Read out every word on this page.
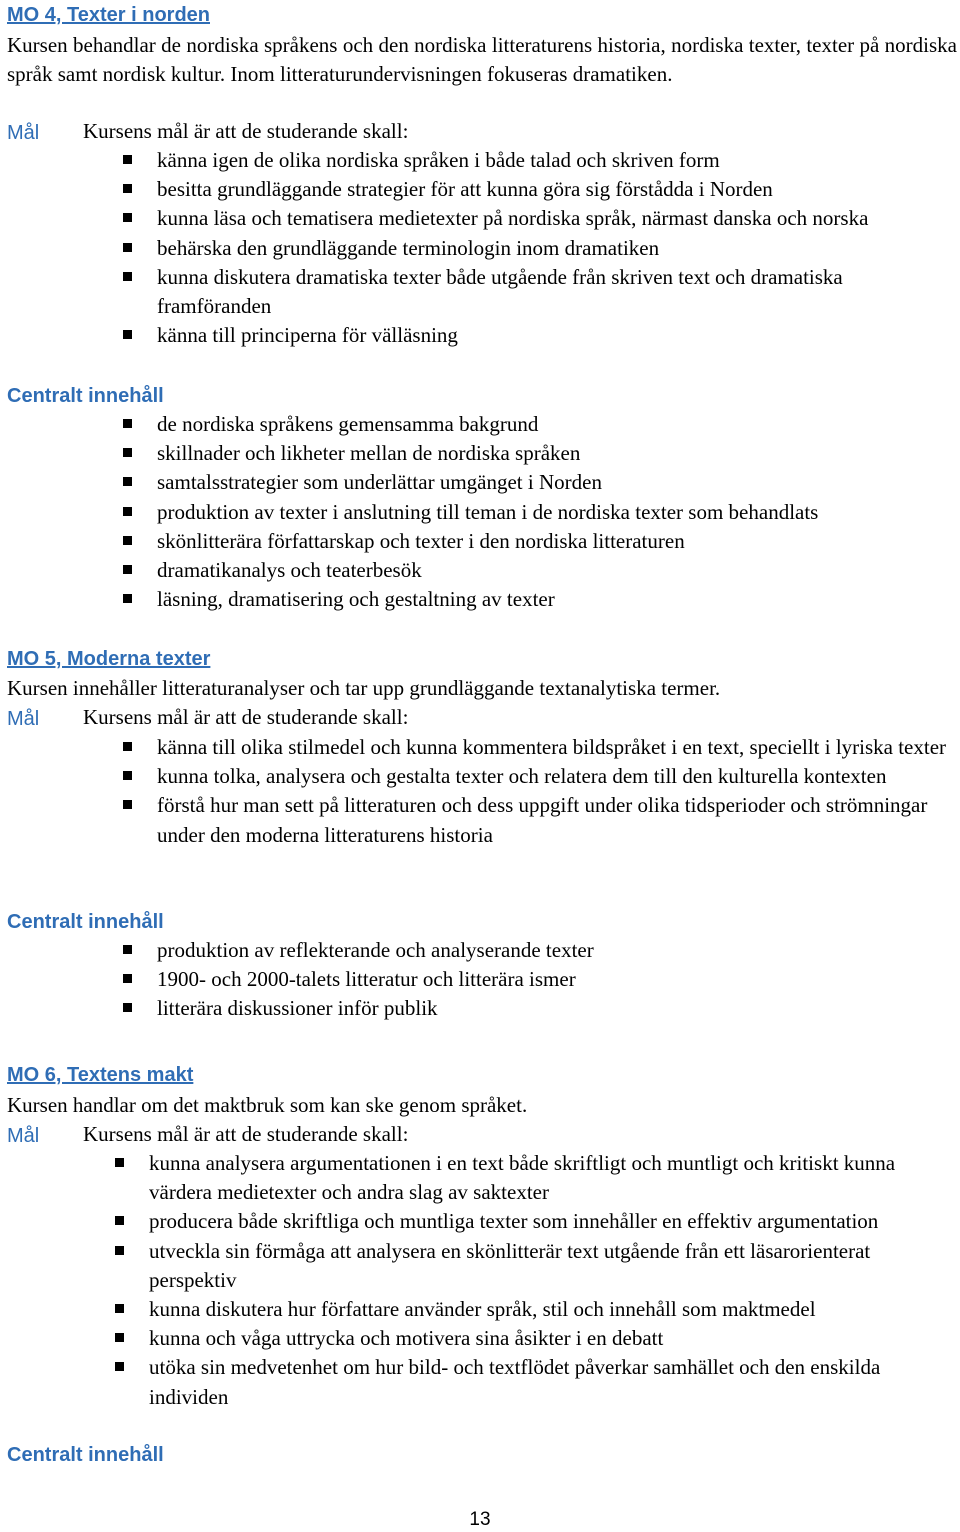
MO 4, Texter i norden
Kursen behandlar de nordiska språkens och den nordiska litteraturens historia, nordiska texter, texter på nordiska språk samt nordisk kultur. Inom litteraturundervisningen fokuseras dramatiken.
Mål Kursens mål är att de studerande skall:
känna igen de olika nordiska språken i både talad och skriven form
besitta grundläggande strategier för att kunna göra sig förstådda i Norden
kunna läsa och tematisera medietexter på nordiska språk, närmast danska och norska
behärska den grundläggande terminologin inom dramatiken
kunna diskutera dramatiska texter både utgående från skriven text och dramatiska framföranden
känna till principerna för välläsning
Centralt innehåll
de nordiska språkens gemensamma bakgrund
skillnader och likheter mellan de nordiska språken
samtalsstrategier som underlättar umgänget i Norden
produktion av texter i anslutning till teman i de nordiska texter som behandlats
skönlitterära författarskap och texter i den nordiska litteraturen
dramatikanalys och teaterbesök
läsning, dramatisering och gestaltning av texter
MO 5, Moderna texter
Kursen innehåller litteraturanalyser och tar upp grundläggande textanalytiska termer.
Mål Kursens mål är att de studerande skall:
känna till olika stilmedel och kunna kommentera bildspråket i en text, speciellt i lyriska texter
kunna tolka, analysera och gestalta texter och relatera dem till den kulturella kontexten
förstå hur man sett på litteraturen och dess uppgift under olika tidsperioder och strömningar under den moderna litteraturens historia
Centralt innehåll
produktion av reflekterande och analyserande texter
1900- och 2000-talets litteratur och litterära ismer
litterära diskussioner inför publik
MO 6, Textens makt
Kursen handlar om det maktbruk som kan ske genom språket.
Mål Kursens mål är att de studerande skall:
kunna analysera argumentationen i en text både skriftligt och muntligt och kritiskt kunna värdera medietexter och andra slag av saktexter
producera både skriftliga och muntliga texter som innehåller en effektiv argumentation
utveckla sin förmåga att analysera en skönlitterär text utgående från ett läsarorienterat perspektiv
kunna diskutera hur författare använder språk, stil och innehåll som maktmedel
kunna och våga uttrycka och motivera sina åsikter i en debatt
utöka sin medvetenhet om hur bild- och textflödet påverkar samhället och den enskilda individen
Centralt innehåll
13
